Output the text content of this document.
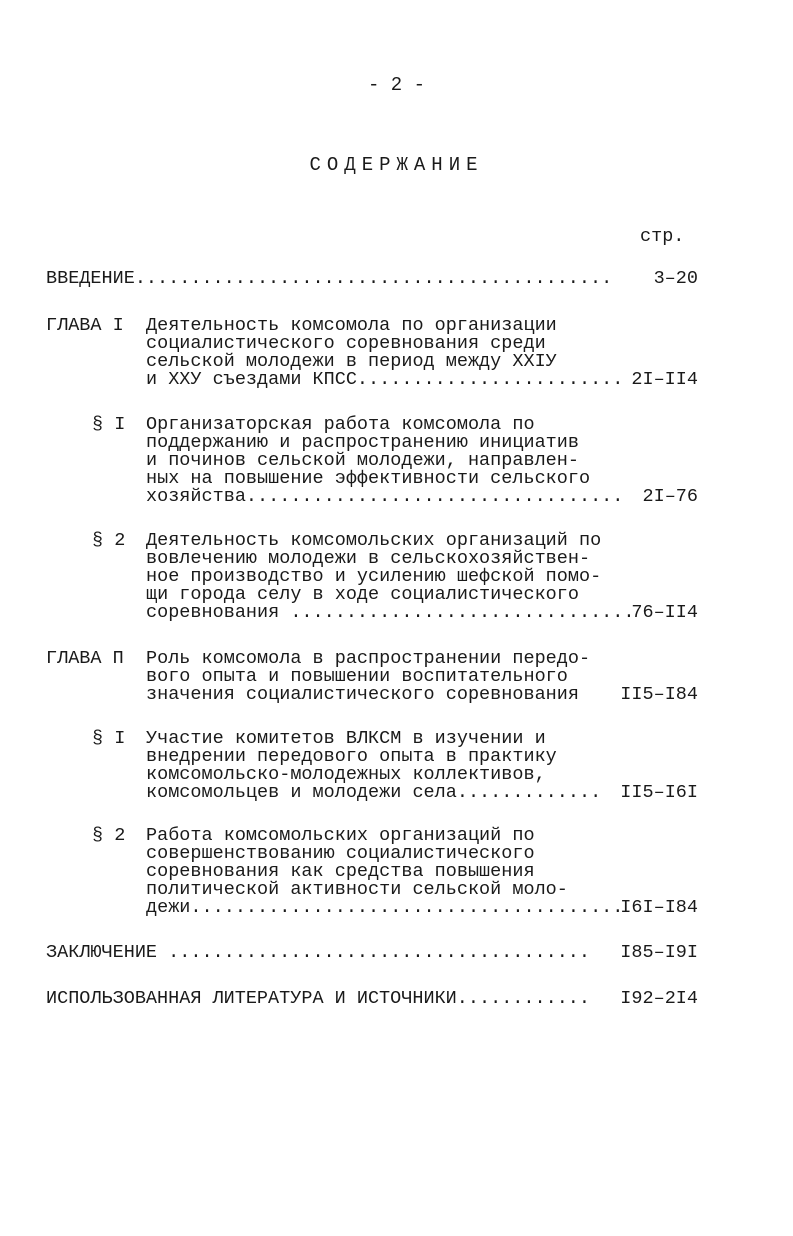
- 2 -
СОДЕРЖАНИЕ
стр.
ВВЕДЕНИЕ........................................... 3–20
ГЛАВА I Деятельность комсомола по организации
социалистического соревнования среди
сельской молодежи в период между XXIУ
и XXУ съездами КПСС........................ 2I–II4
§ I Организаторская работа комсомола по
поддержанию и распространению инициатив
и починов сельской молодежи, направлен-
ных на повышение эффективности сельского
хозяйства.................................. 2I–76
§ 2 Деятельность комсомольских организаций по
вовлечению молодежи в сельскохозяйствен-
ное производство и усилению шефской помо-
щи города селу в ходе социалистического
соревнования ...............................
76–II4
ГЛАВА П Роль комсомола в распространении передо-
вого опыта и повышении воспитательного
значения социалистического соревнования	II5–I84
§ I Участие комитетов ВЛКСМ в изучении и
внедрении передового опыта в практику
комсомольско-молодежных коллективов,
комсомольцев и молодежи села.............	II5–I6I
§ 2 Работа комсомольских организаций по
совершенствованию социалистического
соревнования как средства повышения
политической активности сельской моло-
дежи.......................................
I6I–I84
ЗАКЛЮЧЕНИЕ ...................................... I85–I9I
ИСПОЛЬЗОВАННАЯ ЛИТЕРАТУРА И ИСТОЧНИКИ............ I92–2I4
